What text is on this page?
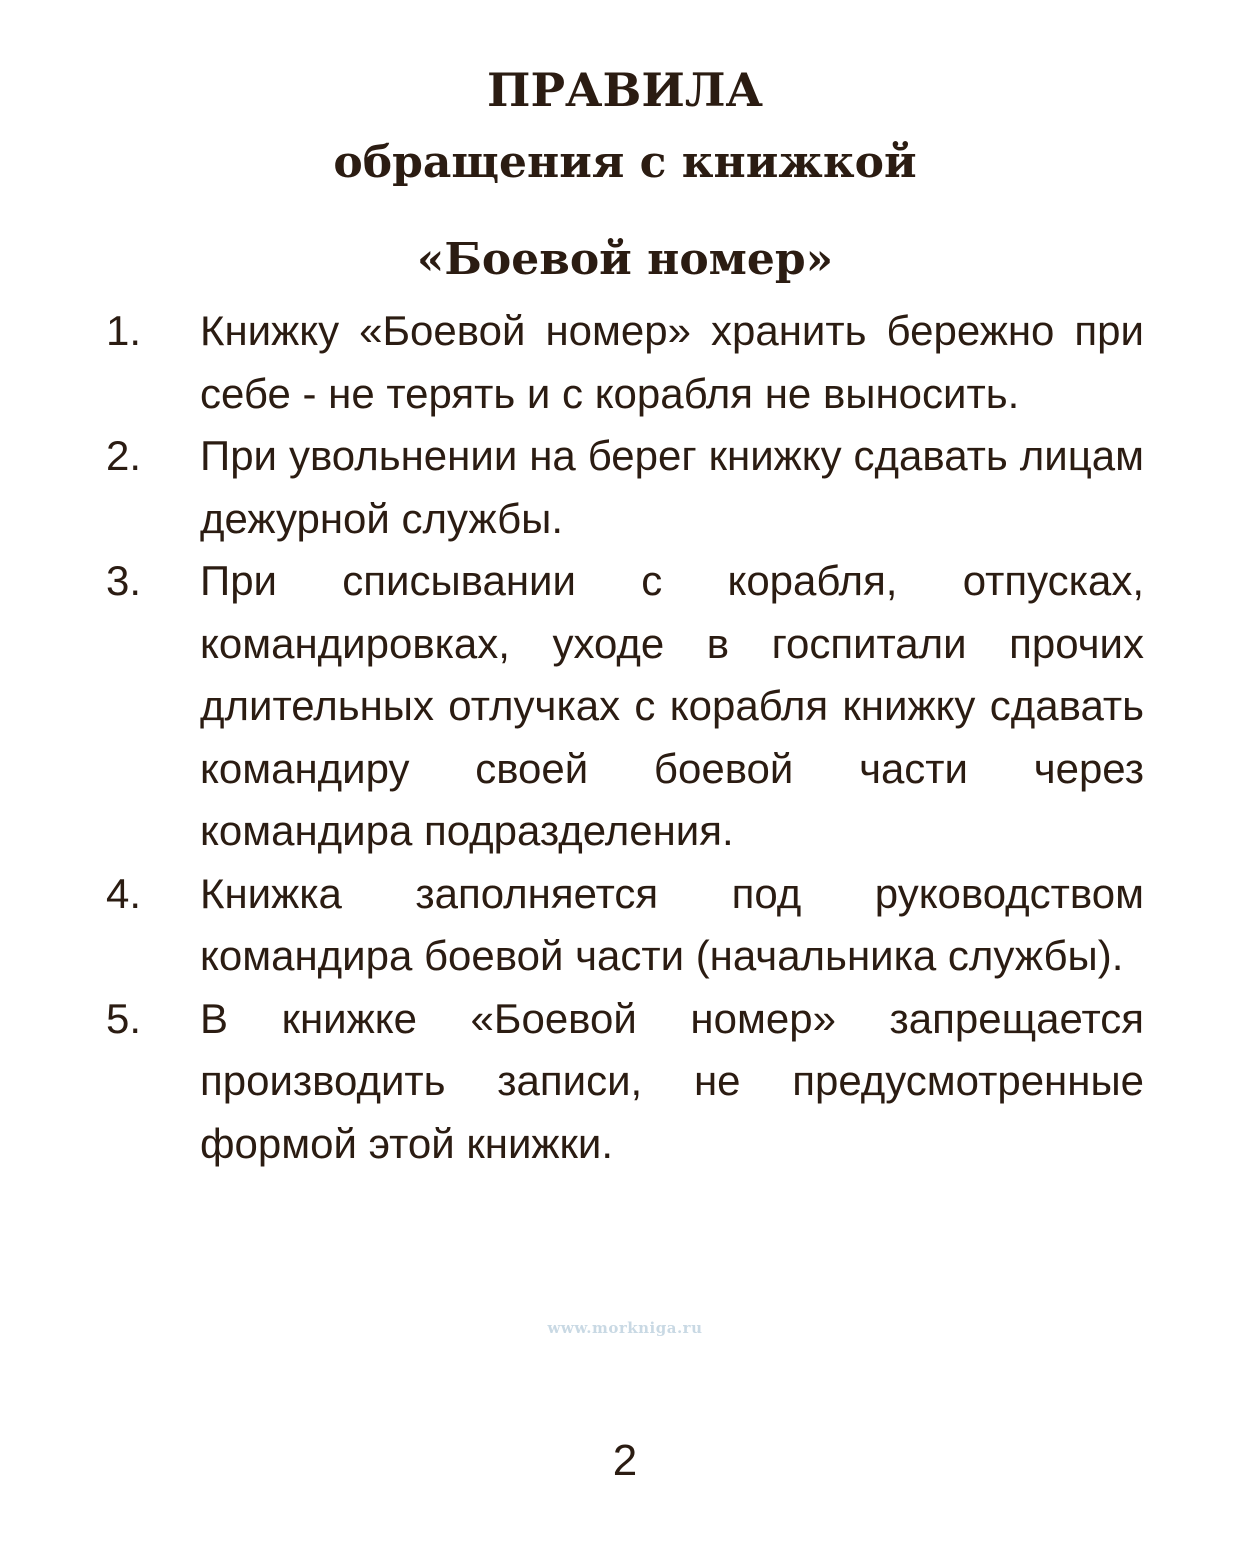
ПРАВИЛА
обращения с книжкой
«Боевой номер»
1.	Книжку «Боевой номер» хранить бережно при себе - не терять и с корабля не выносить.
2.	При увольнении на берег книжку сдавать лицам дежурной службы.
3.	При списывании с корабля, отпусках, командировках, уходе в госпитали прочих длительных отлучках с корабля книжку сдавать командиру своей боевой части через командира подразделения.
4.	Книжка заполняется под руководством командира боевой части (начальника службы).
5.	В книжке «Боевой номер» запрещается производить записи, не предусмотренные формой этой книжки.
www.morkniga.ru
2
